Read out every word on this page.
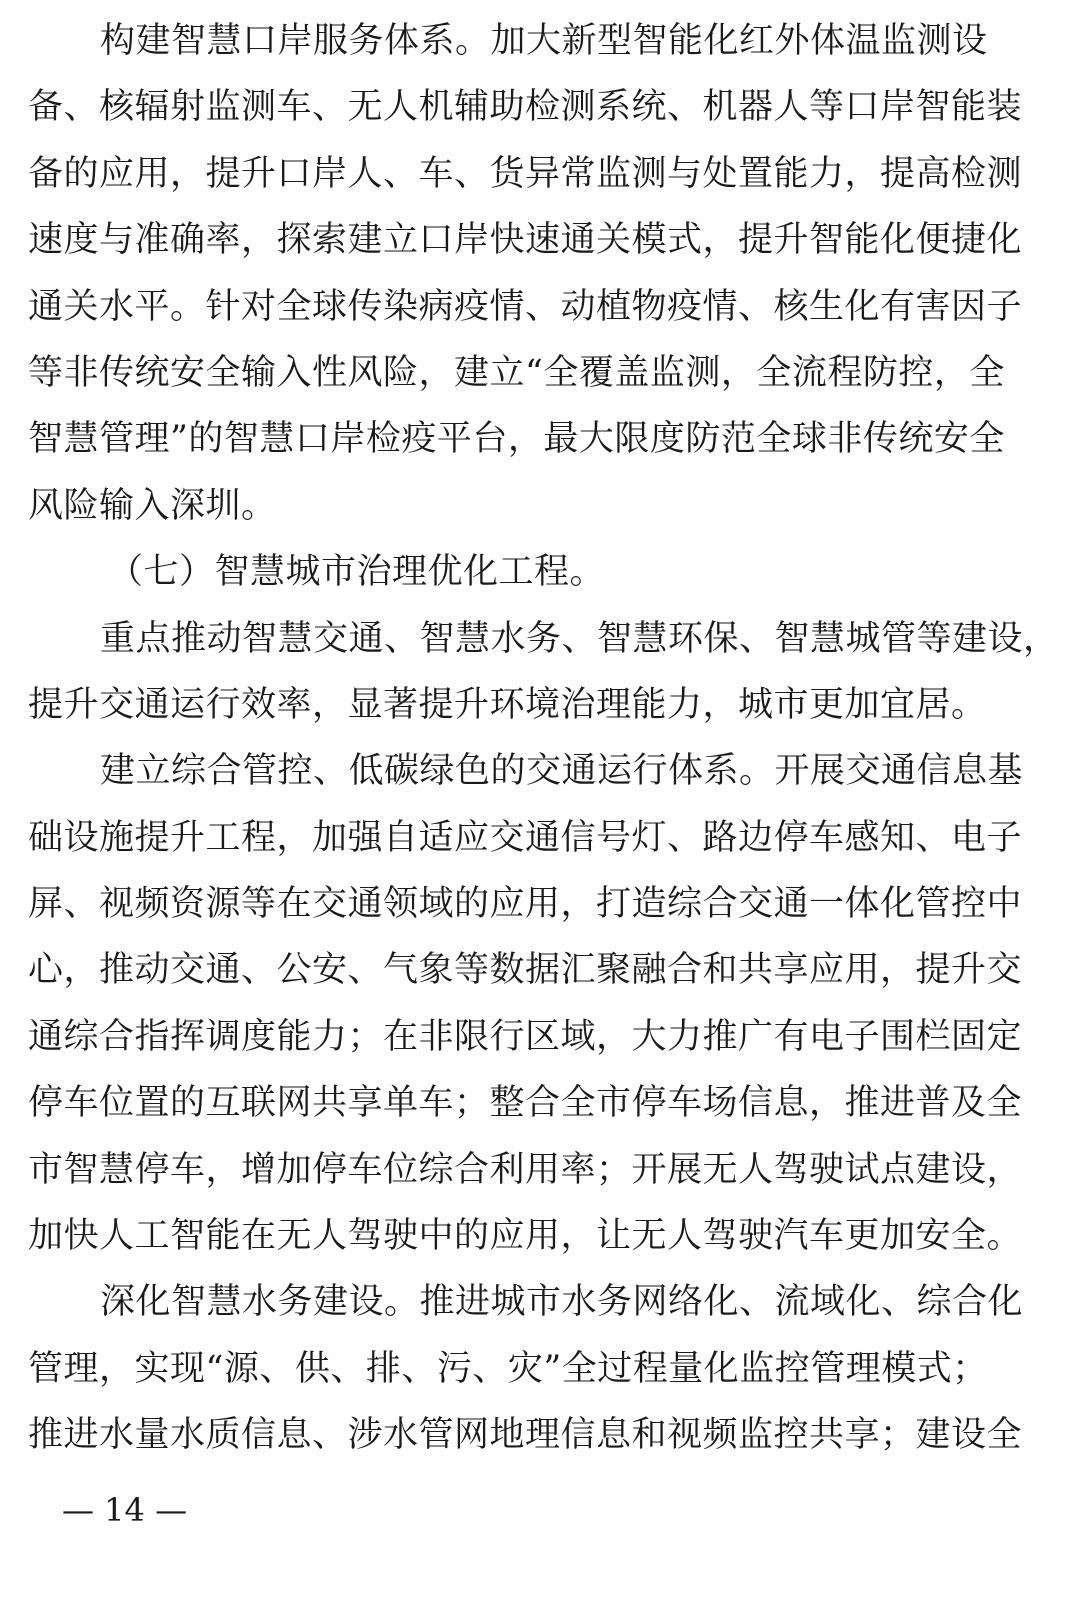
构建智慧口岸服务体系。加大新型智能化红外体温监测设
备、核辐射监测车、无人机辅助检测系统、机器人等口岸智能装
备的应用，提升口岸人、车、货异常监测与处置能力，提高检测
速度与准确率，探索建立口岸快速通关模式，提升智能化便捷化
通关水平。针对全球传染病疫情、动植物疫情、核生化有害因子
等非传统安全输入性风险，建立“全覆盖监测，全流程防控，全
智慧管理”的智慧口岸检疫平台，最大限度防范全球非传统安全
风险输入深圳。
（七）智慧城市治理优化工程。
重点推动智慧交通、智慧水务、智慧环保、智慧城管等建设，
提升交通运行效率，显著提升环境治理能力，城市更加宜居。
建立综合管控、低碳绿色的交通运行体系。开展交通信息基
础设施提升工程，加强自适应交通信号灯、路边停车感知、电子
屏、视频资源等在交通领域的应用，打造综合交通一体化管控中
心，推动交通、公安、气象等数据汇聚融合和共享应用，提升交
通综合指挥调度能力；在非限行区域，大力推广有电子围栏固定
停车位置的互联网共享单车；整合全市停车场信息，推进普及全
市智慧停车，增加停车位综合利用率；开展无人驾驶试点建设，
加快人工智能在无人驾驶中的应用，让无人驾驶汽车更加安全。
深化智慧水务建设。推进城市水务网络化、流域化、综合化
管理，实现“源、供、排、污、灾”全过程量化监控管理模式；
推进水量水质信息、涉水管网地理信息和视频监控共享；建设全
— 14 —
